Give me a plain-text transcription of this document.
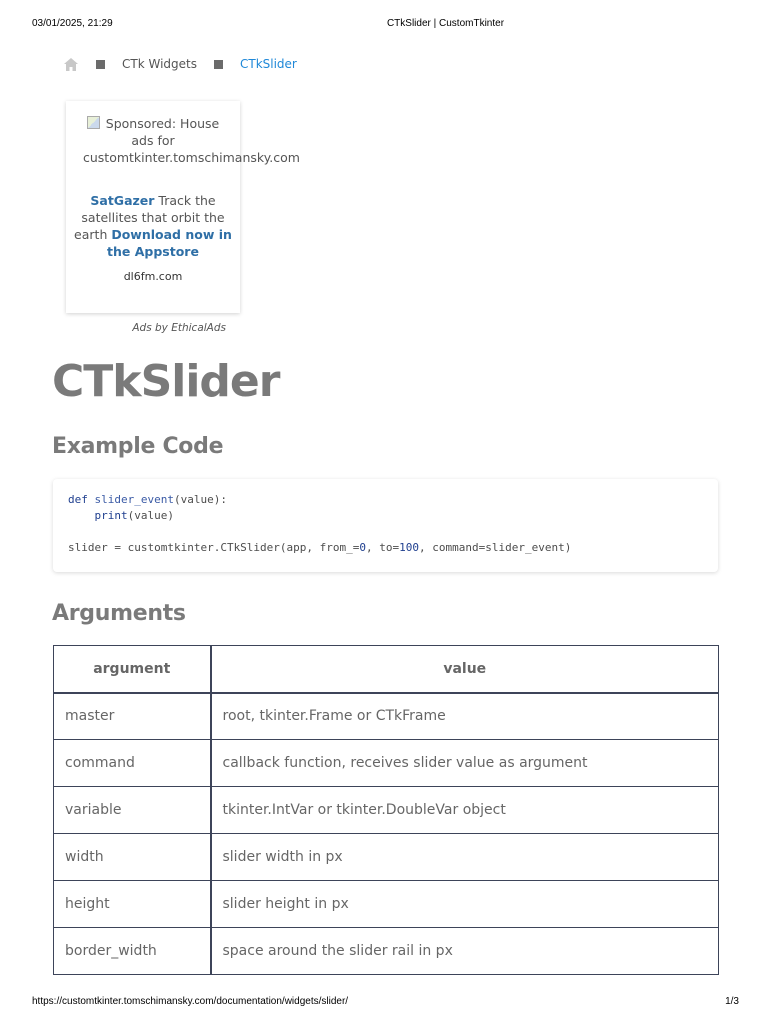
03/01/2025, 21:29	CTkSlider | CustomTkinter
CTk Widgets	CTkSlider
Sponsored: House ads for customtkinter.tomschimansky.com
SatGazer Track the satellites that orbit the earth Download now in the Appstore
dl6fm.com
Ads by EthicalAds
CTkSlider
Example Code
def slider_event(value):
print(value)

slider = customtkinter.CTkSlider(app, from_=0, to=100, command=slider_event)
Arguments
argument	value
master	root, tkinter.Frame or CTkFrame
command	callback function, receives slider value as argument
variable	tkinter.IntVar or tkinter.DoubleVar object
width	slider width in px
height	slider height in px
border_width	space around the slider rail in px
https://customtkinter.tomschimansky.com/documentation/widgets/slider/	1/3
